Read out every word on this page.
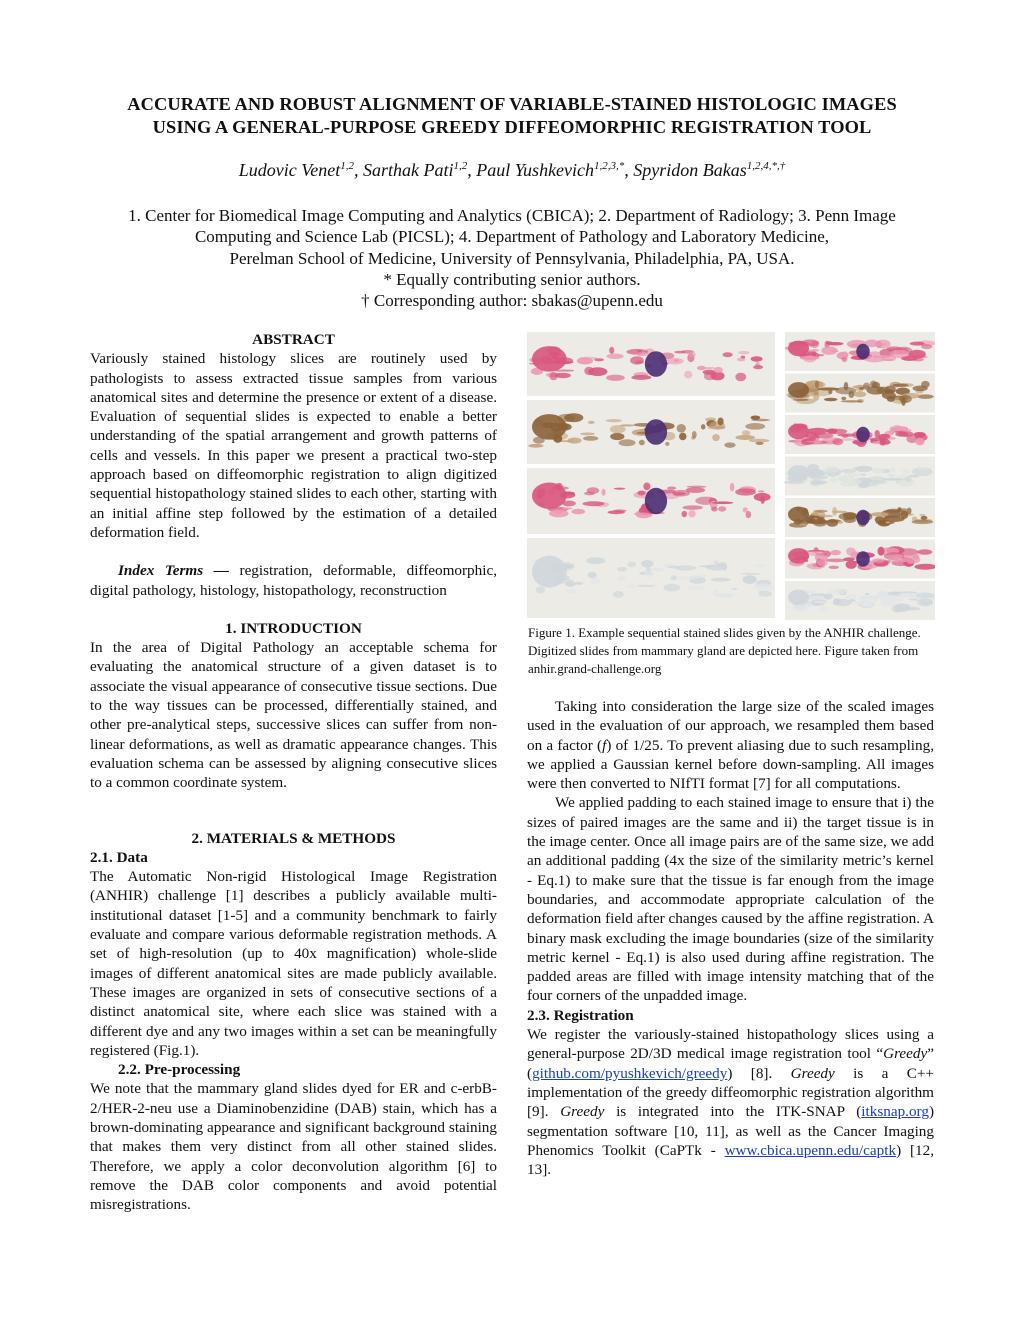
ACCURATE AND ROBUST ALIGNMENT OF VARIABLE-STAINED HISTOLOGIC IMAGES
USING A GENERAL-PURPOSE GREEDY DIFFEOMORPHIC REGISTRATION TOOL
Ludovic Venet$^{1,2}$, Sarthak Pati$^{1,2}$, Paul Yushkevich$^{1,2,3,*}$, Spyridon Bakas$^{1,2,4,*,\dagger}$
1. Center for Biomedical Image Computing and Analytics (CBICA); 2. Department of Radiology; 3. Penn Image
Computing and Science Lab (PICSL); 4. Department of Pathology and Laboratory Medicine,
Perelman School of Medicine, University of Pennsylvania, Philadelphia, PA, USA.
* Equally contributing senior authors.
† Corresponding author: sbakas@upenn.edu

ABSTRACT

Variously stained histology slices are routinely used by pathologists to assess extracted tissue samples from various anatomical sites and determine the presence or extent of a disease. Evaluation of sequential slides is expected to enable a better understanding of the spatial arrangement and growth patterns of cells and vessels. In this paper we present a practical two-step approach based on diffeomorphic registration to align digitized sequential histopathology stained slides to each other, starting with an initial affine step followed by the estimation of a detailed deformation field.

Index Terms — registration, deformable, diffeomorphic, digital pathology, histology, histopathology, reconstruction

1. INTRODUCTION

In the area of Digital Pathology an acceptable schema for evaluating the anatomical structure of a given dataset is to associate the visual appearance of consecutive tissue sections. Due to the way tissues can be processed, differentially stained, and other pre-analytical steps, successive slices can suffer from non-linear deformations, as well as dramatic appearance changes. This evaluation schema can be assessed by aligning consecutive slices to a common coordinate system.

2. MATERIALS & METHODS

2.1. Data

The Automatic Non-rigid Histological Image Registration (ANHIR) challenge [1] describes a publicly available multi-institutional dataset [1-5] and a community benchmark to fairly evaluate and compare various deformable registration methods. A set of high-resolution (up to 40x magnification) whole-slide images of different anatomical sites are made publicly available. These images are organized in sets of consecutive sections of a distinct anatomical site, where each slice was stained with a different dye and any two images within a set can be meaningfully registered (Fig.1).

2.2. Pre-processing

We note that the mammary gland slides dyed for ER and c-erbB-2/HER-2-neu use a Diaminobenzidine (DAB) stain, which has a brown-dominating appearance and significant background staining that makes them very distinct from all other stained slides. Therefore, we apply a color deconvolution algorithm [6] to remove the DAB color components and avoid potential misregistrations.

Figure 1. Example sequential stained slides given by the ANHIR challenge. Digitized slides from mammary gland are depicted here. Figure taken from anhir.grand-challenge.org

Taking into consideration the large size of the scaled images used in the evaluation of our approach, we resampled them based on a factor (f) of 1/25. To prevent aliasing due to such resampling, we applied a Gaussian kernel before down-sampling. All images were then converted to NIfTI format [7] for all computations.

We applied padding to each stained image to ensure that i) the sizes of paired images are the same and ii) the target tissue is in the image center. Once all image pairs are of the same size, we add an additional padding (4x the size of the similarity metric’s kernel - Eq.1) to make sure that the tissue is far enough from the image boundaries, and accommodate appropriate calculation of the deformation field after changes caused by the affine registration. A binary mask excluding the image boundaries (size of the similarity metric kernel - Eq.1) is also used during affine registration. The padded areas are filled with image intensity matching that of the four corners of the unpadded image.

2.3. Registration

We register the variously-stained histopathology slices using a general-purpose 2D/3D medical image registration tool “Greedy” (github.com/pyushkevich/greedy) [8]. Greedy is a C++ implementation of the greedy diffeomorphic registration algorithm [9]. Greedy is integrated into the ITK-SNAP (itksnap.org) segmentation software [10, 11], as well as the Cancer Imaging Phenomics Toolkit (CaPTk - www.cbica.upenn.edu/captk) [12, 13].
